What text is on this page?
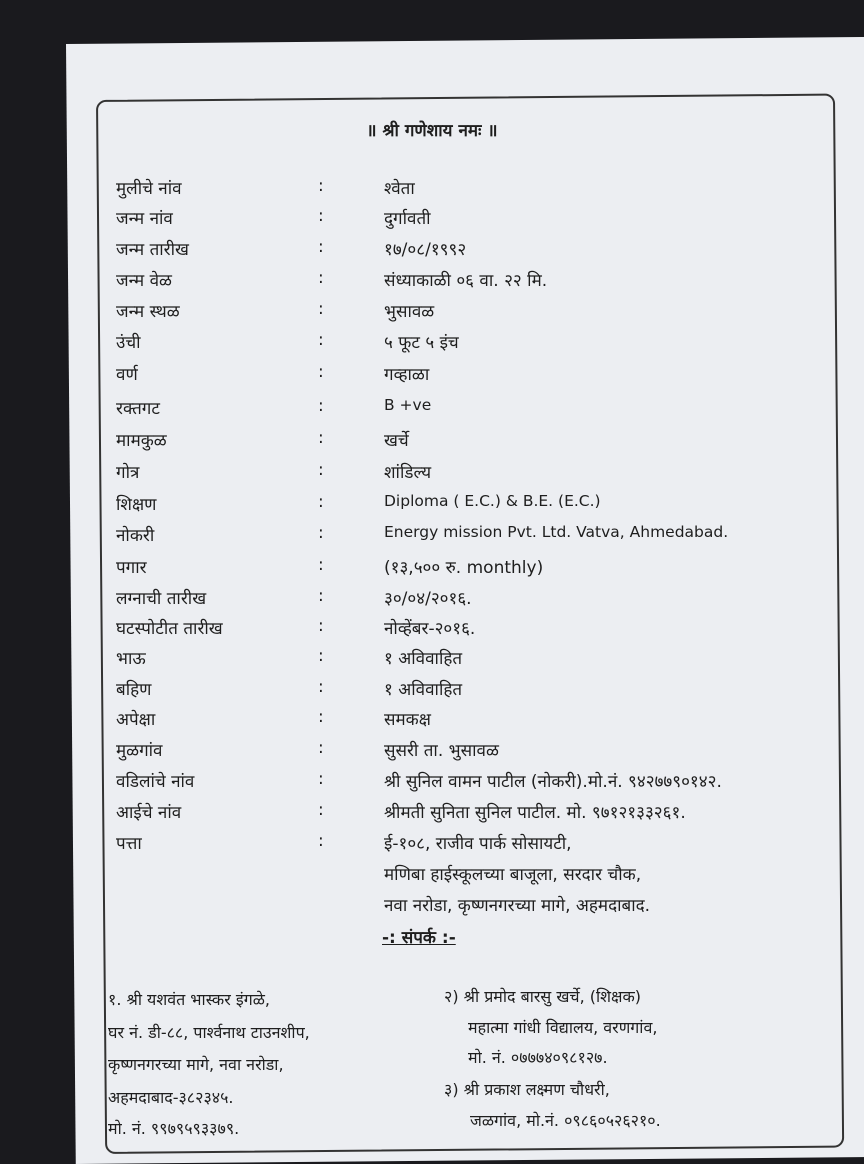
॥ श्री गणेशाय नमः ॥
मुलीचे नांव	:	श्वेता
जन्म नांव	:	दुर्गावती
जन्म तारीख	:	१७/०८/१९९२
जन्म वेळ	:	संध्याकाळी ०६ वा. २२ मि.
जन्म स्थळ	:	भुसावळ
उंची	:	५ फूट ५ इंच
वर्ण	:	गव्हाळा
रक्तगट	:	B +ve
मामकुळ	:	खर्चे
गोत्र	:	शांडिल्य
शिक्षण	:	Diploma ( E.C.) & B.E. (E.C.)
नोकरी	:	Energy mission Pvt. Ltd. Vatva, Ahmedabad.
पगार	:	(१३,५०० रु. monthly)
लग्नाची तारीख	:	३०/०४/२०१६.
घटस्पोटीत तारीख	:	नोव्हेंबर-२०१६.
भाऊ	:	१ अविवाहित
बहिण	:	१ अविवाहित
अपेक्षा	:	समकक्ष
मुळगांव	:	सुसरी ता. भुसावळ
वडिलांचे नांव	:	श्री सुनिल वामन पाटील (नोकरी).मो.नं. ९४२७७९०१४२.
आईचे नांव	:	श्रीमती सुनिता सुनिल पाटील. मो. ९७१२१३३२६१.
पत्ता	:	ई-१०८, राजीव पार्क सोसायटी,
मणिबा हाईस्कूलच्या बाजूला, सरदार चौक,
नवा नरोडा, कृष्णनगरच्या मागे, अहमदाबाद.
-: संपर्क :-
१. श्री यशवंत भास्कर इंगळे,
घर नं. डी-८८, पार्श्वनाथ टाउनशीप,
कृष्णनगरच्या मागे, नवा नरोडा,
अहमदाबाद-३८२३४५.
मो. नं. ९९७९५९३३७९.
२) श्री प्रमोद बारसु खर्चे, (शिक्षक)
महात्मा गांधी विद्यालय, वरणगांव,
मो. नं. ०७७७४०९८१२७.
३) श्री प्रकाश लक्ष्मण चौधरी,
जळगांव, मो.नं. ०९८६०५२६२१०.
